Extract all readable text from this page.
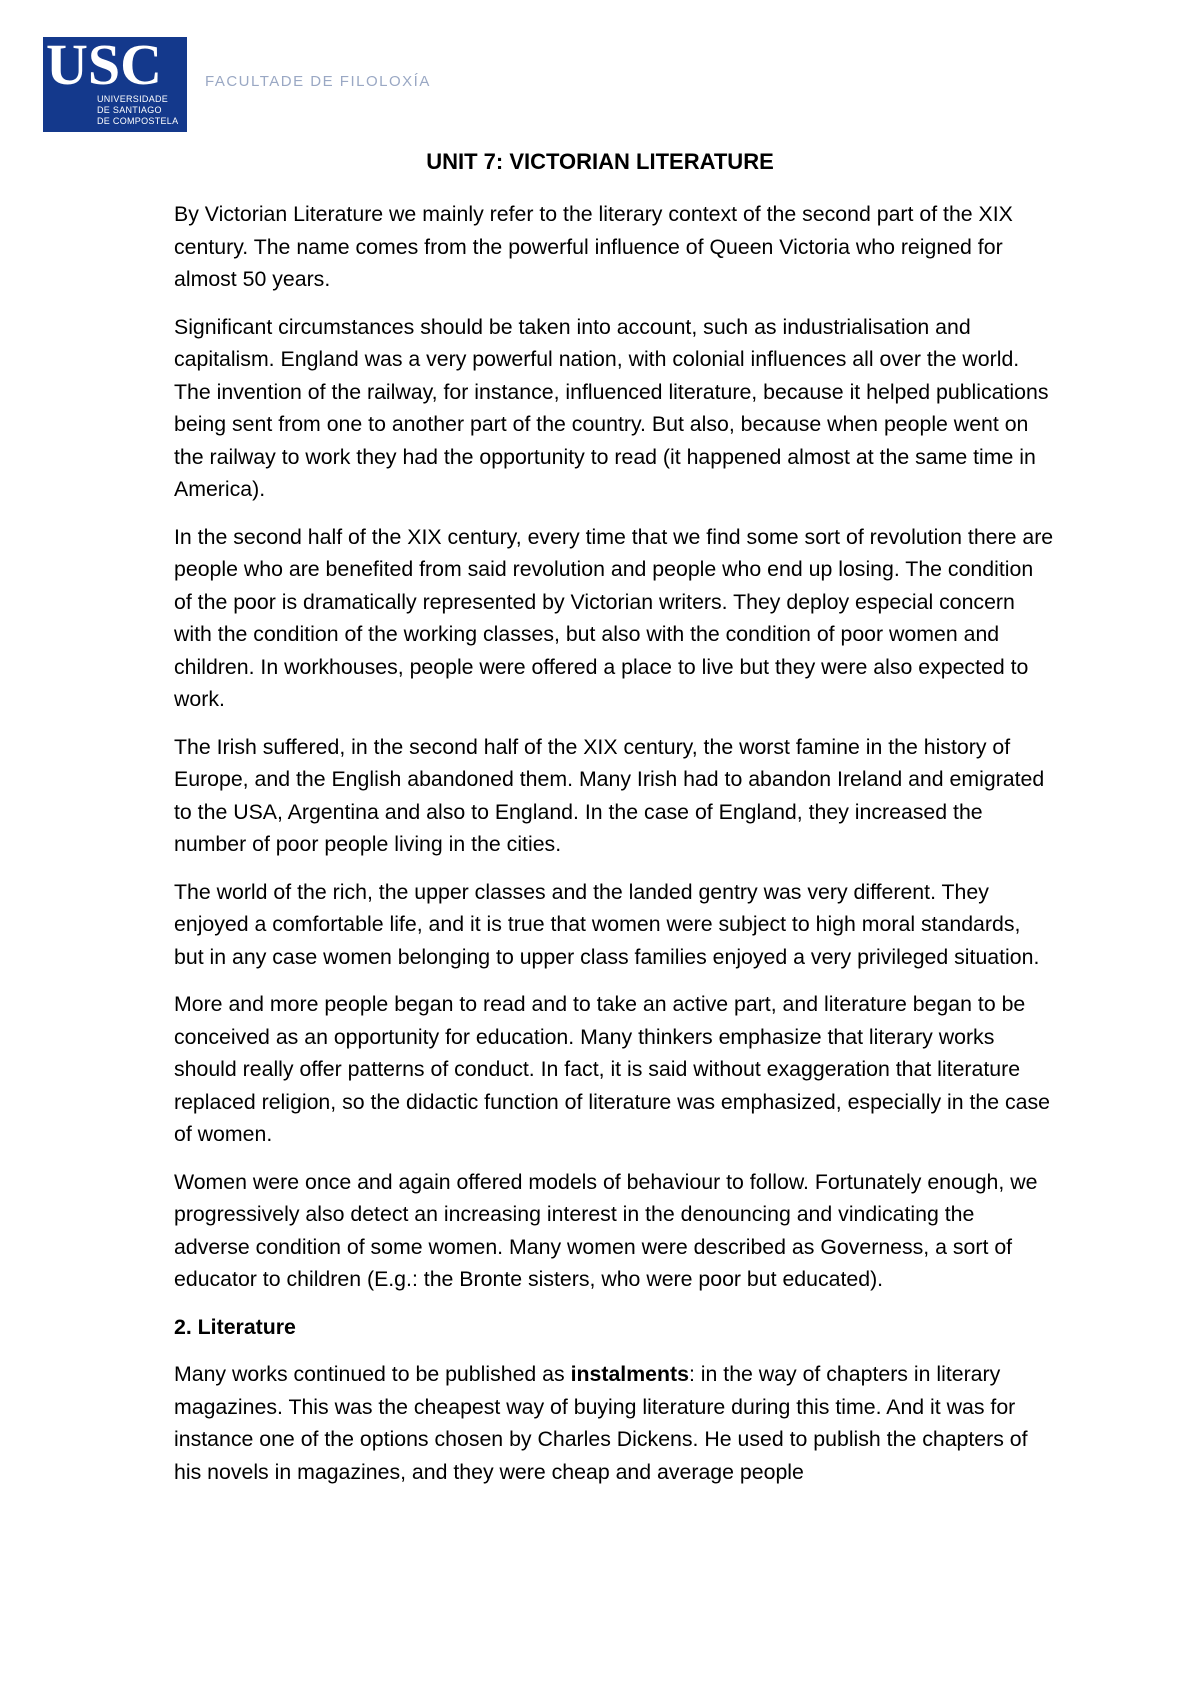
USC
UNIVERSIDADE
DE SANTIAGO
DE COMPOSTELA
FACULTADE DE FILOLOXÍA
UNIT 7: VICTORIAN LITERATURE

By Victorian Literature we mainly refer to the literary context of the second part of the XIX century. The name comes from the powerful influence of Queen Victoria who reigned for almost 50 years.

Significant circumstances should be taken into account, such as industrialisation and capitalism. England was a very powerful nation, with colonial influences all over the world. The invention of the railway, for instance, influenced literature, because it helped publications being sent from one to another part of the country. But also, because when people went on the railway to work they had the opportunity to read (it happened almost at the same time in America).

In the second half of the XIX century, every time that we find some sort of revolution there are people who are benefited from said revolution and people who end up losing. The condition of the poor is dramatically represented by Victorian writers. They deploy especial concern with the condition of the working classes, but also with the condition of poor women and children. In workhouses, people were offered a place to live but they were also expected to work.

The Irish suffered, in the second half of the XIX century, the worst famine in the history of Europe, and the English abandoned them. Many Irish had to abandon Ireland and emigrated to the USA, Argentina and also to England. In the case of England, they increased the number of poor people living in the cities.

The world of the rich, the upper classes and the landed gentry was very different. They enjoyed a comfortable life, and it is true that women were subject to high moral standards, but in any case women belonging to upper class families enjoyed a very privileged situation.

More and more people began to read and to take an active part, and literature began to be conceived as an opportunity for education. Many thinkers emphasize that literary works should really offer patterns of conduct. In fact, it is said without exaggeration that literature replaced religion, so the didactic function of literature was emphasized, especially in the case of women.

Women were once and again offered models of behaviour to follow. Fortunately enough, we progressively also detect an increasing interest in the denouncing and vindicating the adverse condition of some women. Many women were described as Governess, a sort of educator to children (E.g.: the Bronte sisters, who were poor but educated).

2. Literature

Many works continued to be published as instalments: in the way of chapters in literary magazines. This was the cheapest way of buying literature during this time. And it was for instance one of the options chosen by Charles Dickens. He used to publish the chapters of his novels in magazines, and they were cheap and average people
